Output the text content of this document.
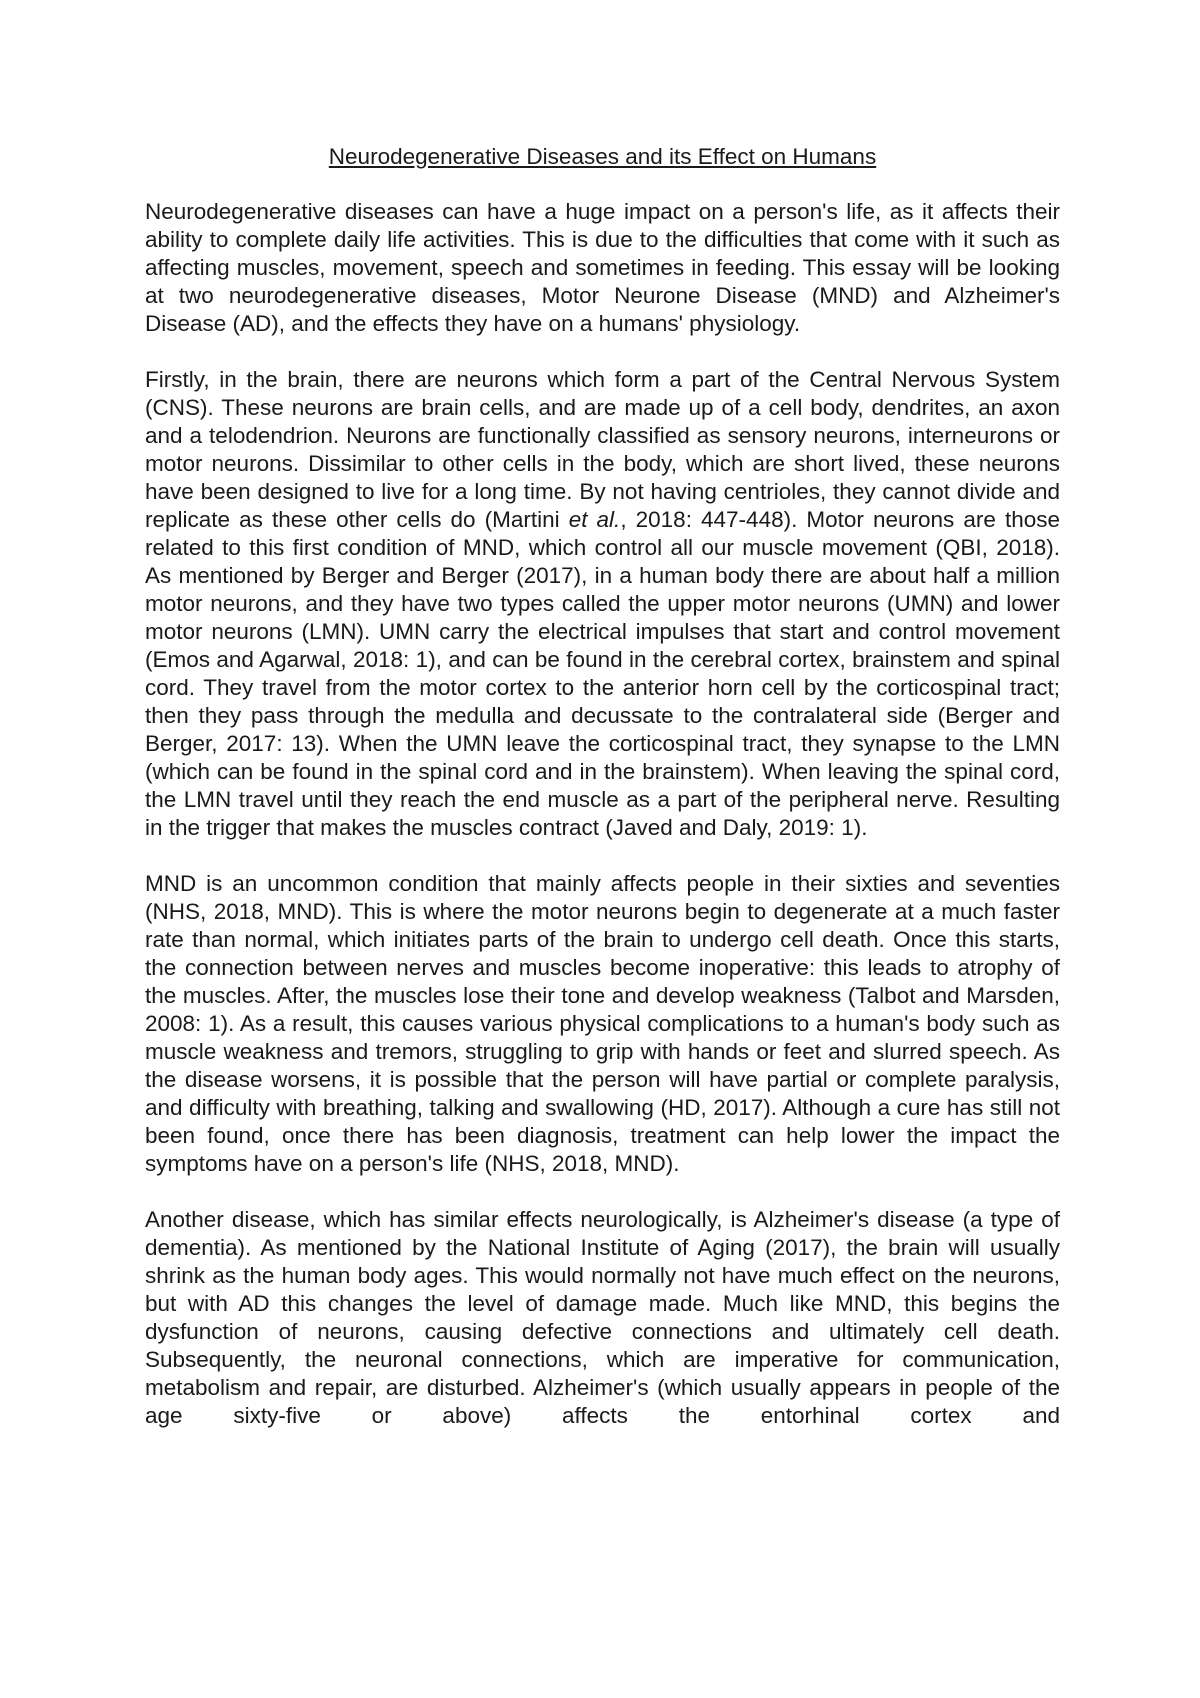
Neurodegenerative Diseases and its Effect on Humans

Neurodegenerative diseases can have a huge impact on a person's life, as it affects their ability to complete daily life activities. This is due to the difficulties that come with it such as affecting muscles, movement, speech and sometimes in feeding. This essay will be looking at two neurodegenerative diseases, Motor Neurone Disease (MND) and Alzheimer's Disease (AD), and the effects they have on a humans' physiology.

Firstly, in the brain, there are neurons which form a part of the Central Nervous System (CNS). These neurons are brain cells, and are made up of a cell body, dendrites, an axon and a telodendrion. Neurons are functionally classified as sensory neurons, interneurons or motor neurons. Dissimilar to other cells in the body, which are short lived, these neurons have been designed to live for a long time. By not having centrioles, they cannot divide and replicate as these other cells do (Martini et al., 2018: 447-448). Motor neurons are those related to this first condition of MND, which control all our muscle movement (QBI, 2018). As mentioned by Berger and Berger (2017), in a human body there are about half a million motor neurons, and they have two types called the upper motor neurons (UMN) and lower motor neurons (LMN). UMN carry the electrical impulses that start and control movement (Emos and Agarwal, 2018: 1), and can be found in the cerebral cortex, brainstem and spinal cord. They travel from the motor cortex to the anterior horn cell by the corticospinal tract; then they pass through the medulla and decussate to the contralateral side (Berger and Berger, 2017: 13). When the UMN leave the corticospinal tract, they synapse to the LMN (which can be found in the spinal cord and in the brainstem). When leaving the spinal cord, the LMN travel until they reach the end muscle as a part of the peripheral nerve. Resulting in the trigger that makes the muscles contract (Javed and Daly, 2019: 1).

MND is an uncommon condition that mainly affects people in their sixties and seventies (NHS, 2018, MND). This is where the motor neurons begin to degenerate at a much faster rate than normal, which initiates parts of the brain to undergo cell death. Once this starts, the connection between nerves and muscles become inoperative: this leads to atrophy of the muscles. After, the muscles lose their tone and develop weakness (Talbot and Marsden, 2008: 1). As a result, this causes various physical complications to a human's body such as muscle weakness and tremors, struggling to grip with hands or feet and slurred speech. As the disease worsens, it is possible that the person will have partial or complete paralysis, and difficulty with breathing, talking and swallowing (HD, 2017). Although a cure has still not been found, once there has been diagnosis, treatment can help lower the impact the symptoms have on a person's life (NHS, 2018, MND).

Another disease, which has similar effects neurologically, is Alzheimer's disease (a type of dementia). As mentioned by the National Institute of Aging (2017), the brain will usually shrink as the human body ages. This would normally not have much effect on the neurons, but with AD this changes the level of damage made. Much like MND, this begins the dysfunction of neurons, causing defective connections and ultimately cell death. Subsequently, the neuronal connections, which are imperative for communication, metabolism and repair, are disturbed. Alzheimer's (which usually appears in people of the age sixty-five or above) affects the entorhinal cortex and
